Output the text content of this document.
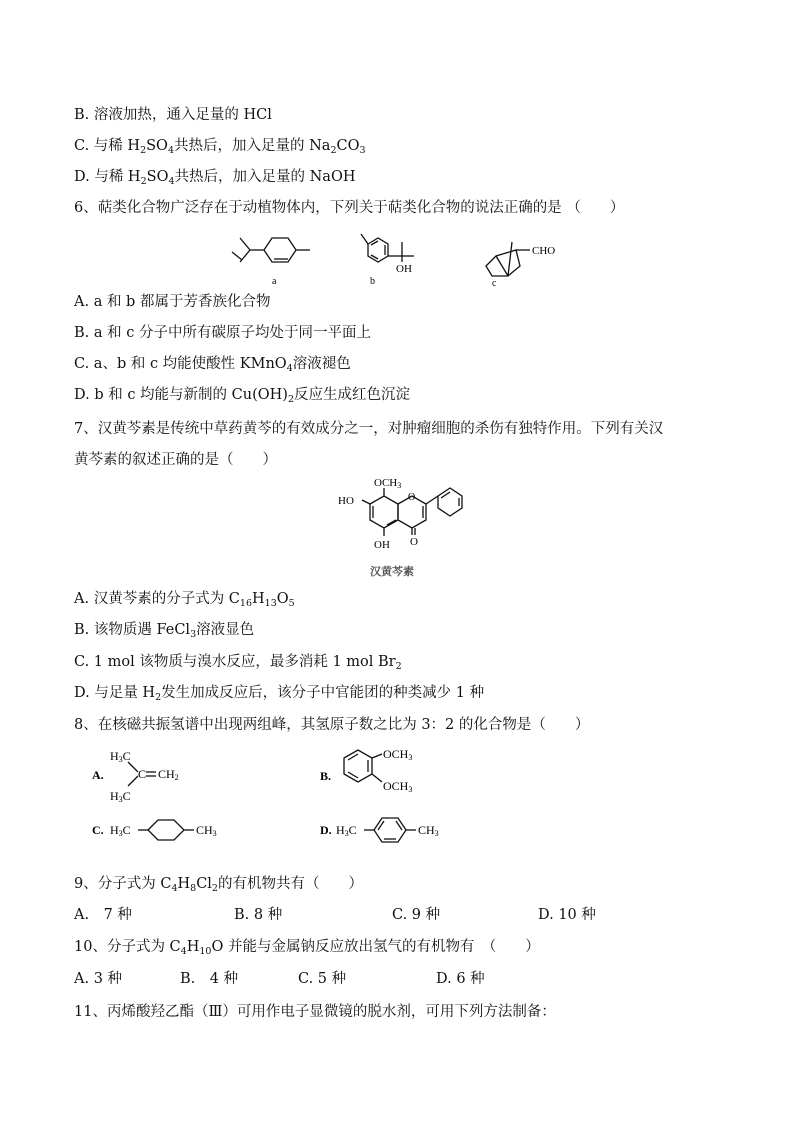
B. 溶液加热，通入足量的 HCl
C. 与稀 $H_2SO_4$共热后，加入足量的 $Na_2CO_3$
D. 与稀 $H_2SO_4$共热后，加入足量的 NaOH
6、萜类化合物广泛存在于动植物体内，下列关于萜类化合物的说法正确的是 （　　）
a	b	c
OH
CHO
A. a 和 b 都属于芳香族化合物
B. a 和 c 分子中所有碳原子均处于同一平面上
C. a、b 和 c 均能使酸性 KMnO$_4$溶液褪色
D. b 和 c 均能与新制的 $Cu(OH)_2$反应生成红色沉淀
7、汉黄芩素是传统中草药黄芩的有效成分之一，对肿瘤细胞的杀伤有独特作用。下列有关汉
黄芩素的叙述正确的是（　　）
OCH3
HO
OH O
O
汉黄芩素
A. 汉黄芩素的分子式为 $C_{16}H_{13}O_5$
B. 该物质遇 FeCl$_3$溶液显色
C. 1 mol 该物质与溴水反应，最多消耗 1 mol $Br_2$
D. 与足量 $H_2$发生加成反应后，该分子中官能团的种类减少 1 种
8、在核磁共振氢谱中出现两组峰，其氢原子数之比为 3：2 的化合物是（　　）
A.	B.
C.	D.
H3C
C CH2
H3C
OCH3
OCH3
H3C	CH3	H3C	CH3
9、分子式为 $C_4H_8Cl_2$的有机物共有（　　）
A.　7 种	B. 8 种	C. 9 种	D. 10 种
10、分子式为 $C_4H_{10}O$ 并能与金属钠反应放出氢气的有机物有　（　　）
A. 3 种	B.　4 种	C. 5 种	D. 6 种
11、丙烯酸羟乙酯（Ⅲ）可用作电子显微镜的脱水剂，可用下列方法制备：
